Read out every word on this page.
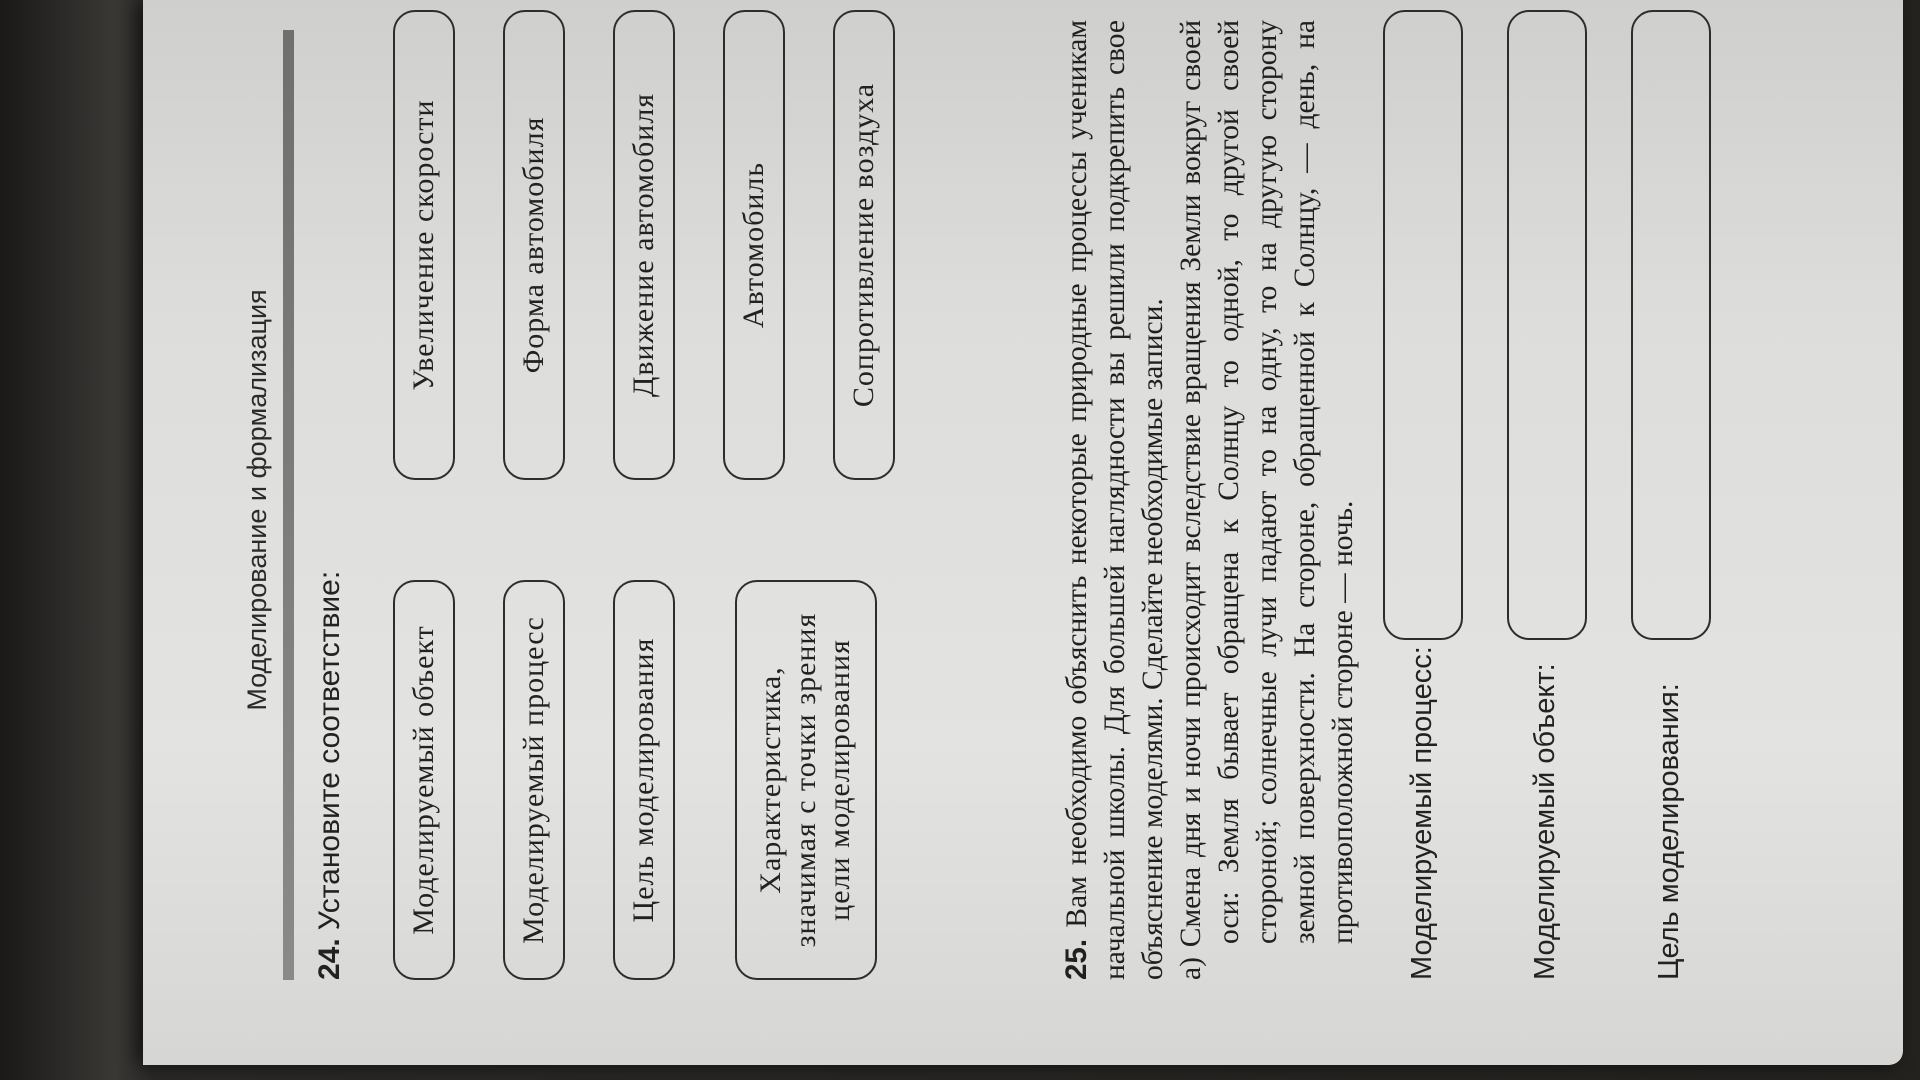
Моделирование и формализация
24.Установите соответствие:	Моделируемый объект	Моделируемый процесс	Цель моделирования	Характеристика, значимая с точки зрения цели моделирования
Увеличение скорости	Форма автомобиля	Движение автомобиля	Автомобиль	Сопротивление воздуха
25. Вам необходимо объяснить некоторые природные процессы ученикам начальной школы. Для большей наглядности вы решили подкрепить свое объяснение моделями. Сделайте необходимые записи. а) Смена дня и ночи происходит вследствие вращения Земли вокруг своей оси: Земля бывает обращена к Солнцу то одной, то другой своей стороной; солнечные лучи падают то на одну, то на другую сторону земной поверхности. На стороне, обращенной к Солнцу, — день, на противоположной стороне — ночь. Моделируемый процесс:	Моделируемый объект:	Цель моделирования:
